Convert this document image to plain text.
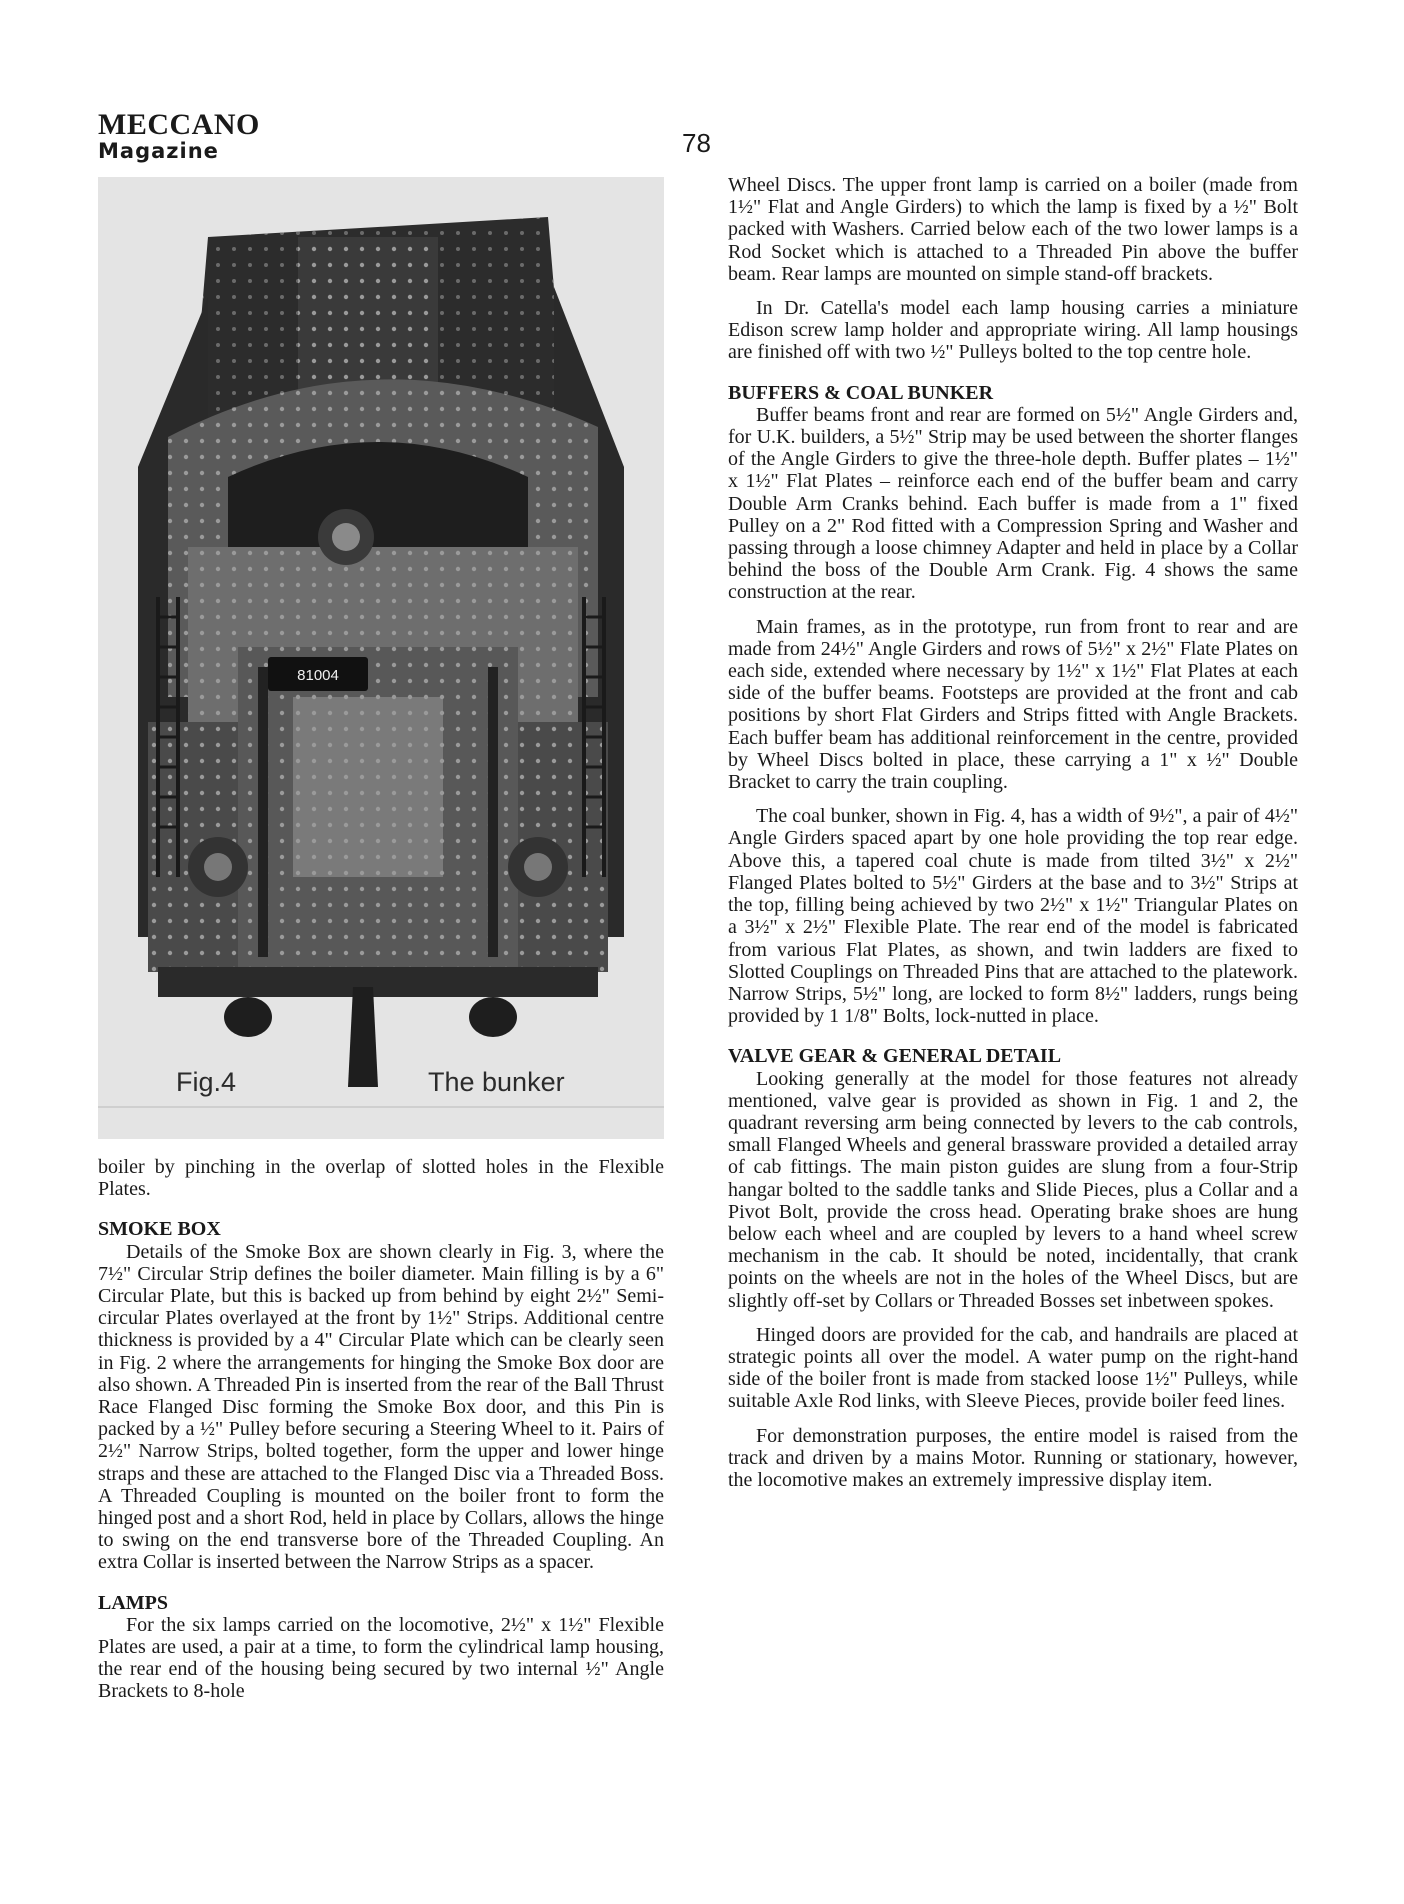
MECCANO
Magazine	78
81004
Fig.4	The bunker

boiler by pinching in the overlap of slotted holes in the Flexible Plates.

SMOKE BOX

Details of the Smoke Box are shown clearly in Fig. 3, where the 7½" Circular Strip defines the boiler diameter. Main filling is by a 6" Circular Plate, but this is backed up from behind by eight 2½" Semi-circular Plates overlayed at the front by 1½" Strips. Additional centre thickness is provided by a 4" Circular Plate which can be clearly seen in Fig. 2 where the arrangements for hinging the Smoke Box door are also shown. A Threaded Pin is inserted from the rear of the Ball Thrust Race Flanged Disc forming the Smoke Box door, and this Pin is packed by a ½" Pulley before securing a Steering Wheel to it. Pairs of 2½" Narrow Strips, bolted together, form the upper and lower hinge straps and these are attached to the Flanged Disc via a Threaded Boss. A Threaded Coupling is mounted on the boiler front to form the hinged post and a short Rod, held in place by Collars, allows the hinge to swing on the end transverse bore of the Threaded Coupling. An extra Collar is inserted between the Narrow Strips as a spacer.

LAMPS

For the six lamps carried on the locomotive, 2½" x 1½" Flexible Plates are used, a pair at a time, to form the cylindrical lamp housing, the rear end of the housing being secured by two internal ½" Angle Brackets to 8-hole

Wheel Discs. The upper front lamp is carried on a boiler (made from 1½" Flat and Angle Girders) to which the lamp is fixed by a ½" Bolt packed with Washers. Carried below each of the two lower lamps is a Rod Socket which is attached to a Threaded Pin above the buffer beam. Rear lamps are mounted on simple stand-off brackets.

In Dr. Catella's model each lamp housing carries a miniature Edison screw lamp holder and appropriate wiring. All lamp housings are finished off with two ½" Pulleys bolted to the top centre hole.

BUFFERS & COAL BUNKER

Buffer beams front and rear are formed on 5½" Angle Girders and, for U.K. builders, a 5½" Strip may be used between the shorter flanges of the Angle Girders to give the three-hole depth. Buffer plates – 1½" x 1½" Flat Plates – reinforce each end of the buffer beam and carry Double Arm Cranks behind. Each buffer is made from a 1" fixed Pulley on a 2" Rod fitted with a Compression Spring and Washer and passing through a loose chimney Adapter and held in place by a Collar behind the boss of the Double Arm Crank. Fig. 4 shows the same construction at the rear.

Main frames, as in the prototype, run from front to rear and are made from 24½" Angle Girders and rows of 5½" x 2½" Flate Plates on each side, extended where necessary by 1½" x 1½" Flat Plates at each side of the buffer beams. Footsteps are provided at the front and cab positions by short Flat Girders and Strips fitted with Angle Brackets. Each buffer beam has additional reinforcement in the centre, provided by Wheel Discs bolted in place, these carrying a 1" x ½" Double Bracket to carry the train coupling.

The coal bunker, shown in Fig. 4, has a width of 9½", a pair of 4½" Angle Girders spaced apart by one hole providing the top rear edge. Above this, a tapered coal chute is made from tilted 3½" x 2½" Flanged Plates bolted to 5½" Girders at the base and to 3½" Strips at the top, filling being achieved by two 2½" x 1½" Triangular Plates on a 3½" x 2½" Flexible Plate. The rear end of the model is fabricated from various Flat Plates, as shown, and twin ladders are fixed to Slotted Couplings on Threaded Pins that are attached to the platework. Narrow Strips, 5½" long, are locked to form 8½" ladders, rungs being provided by 1 1/8" Bolts, lock-nutted in place.

VALVE GEAR & GENERAL DETAIL

Looking generally at the model for those features not already mentioned, valve gear is provided as shown in Fig. 1 and 2, the quadrant reversing arm being connected by levers to the cab controls, small Flanged Wheels and general brassware provided a detailed array of cab fittings. The main piston guides are slung from a four-Strip hangar bolted to the saddle tanks and Slide Pieces, plus a Collar and a Pivot Bolt, provide the cross head. Operating brake shoes are hung below each wheel and are coupled by levers to a hand wheel screw mechanism in the cab. It should be noted, incidentally, that crank points on the wheels are not in the holes of the Wheel Discs, but are slightly off-set by Collars or Threaded Bosses set inbetween spokes.

Hinged doors are provided for the cab, and handrails are placed at strategic points all over the model. A water pump on the right-hand side of the boiler front is made from stacked loose 1½" Pulleys, while suitable Axle Rod links, with Sleeve Pieces, provide boiler feed lines.

For demonstration purposes, the entire model is raised from the track and driven by a mains Motor. Running or stationary, however, the locomotive makes an extremely impressive display item.
